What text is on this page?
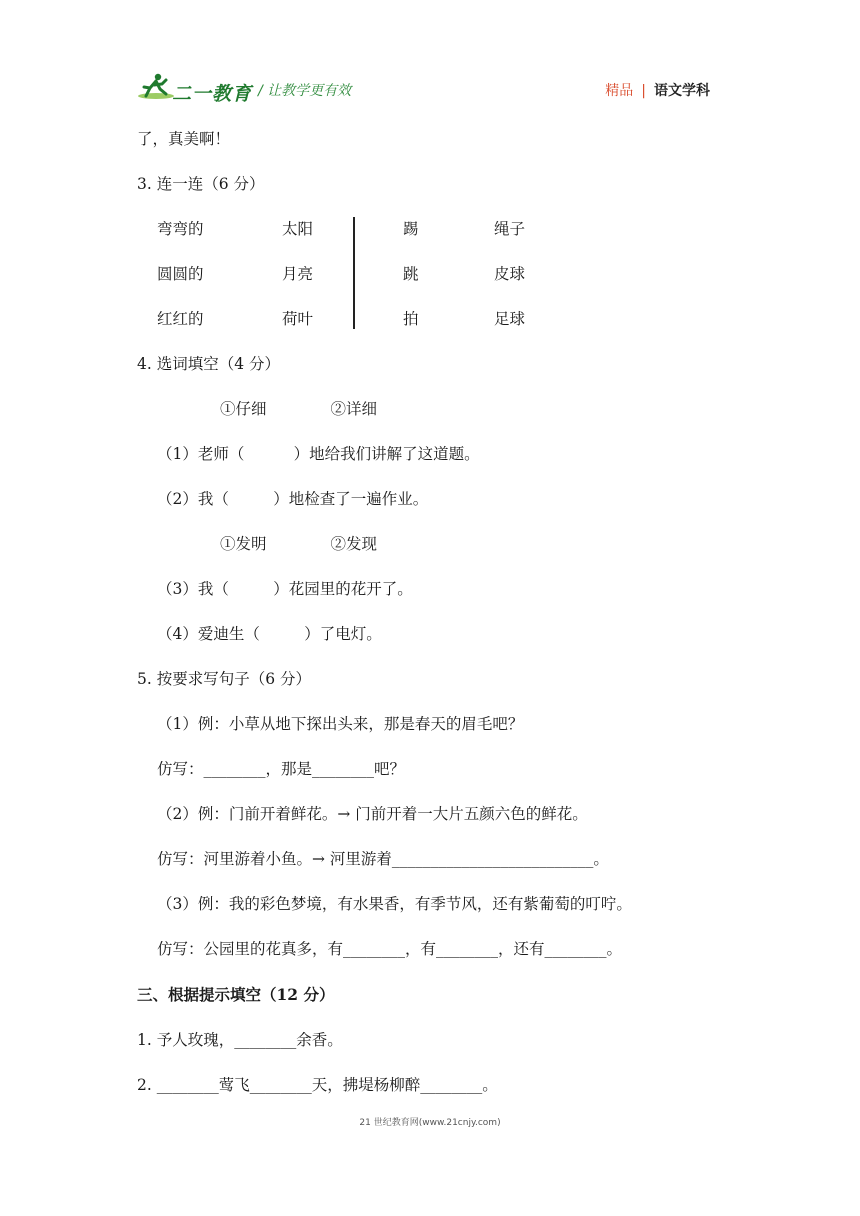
二一教育 / 让教学更有效	精品 | 语文学科
了，真美啊！
3. 连一连（6 分）
弯弯的
圆圆的
红红的
太阳
月亮
荷叶
踢
跳
拍
绳子
皮球
足球
4. 选词填空（4 分）
①仔细             ②详细
（1）老师（          ）地给我们讲解了这道题。
（2）我（         ）地检查了一遍作业。
①发明             ②发现
（3）我（         ）花园里的花开了。
（4）爱迪生（         ）了电灯。
5. 按要求写句子（6 分）
（1）例：小草从地下探出头来，那是春天的眉毛吧？
仿写：________，那是________吧？
（2）例：门前开着鲜花。→ 门前开着一大片五颜六色的鲜花。
仿写：河里游着小鱼。→ 河里游着__________________________。
（3）例：我的彩色梦境，有水果香，有季节风，还有紫葡萄的叮咛。
仿写：公园里的花真多，有________，有________，还有________。
三、根据提示填空（12 分）
1. 予人玫瑰，________余香。
2. ________莺飞________天，拂堤杨柳醉________。
21 世纪教育网(www.21cnjy.com)
